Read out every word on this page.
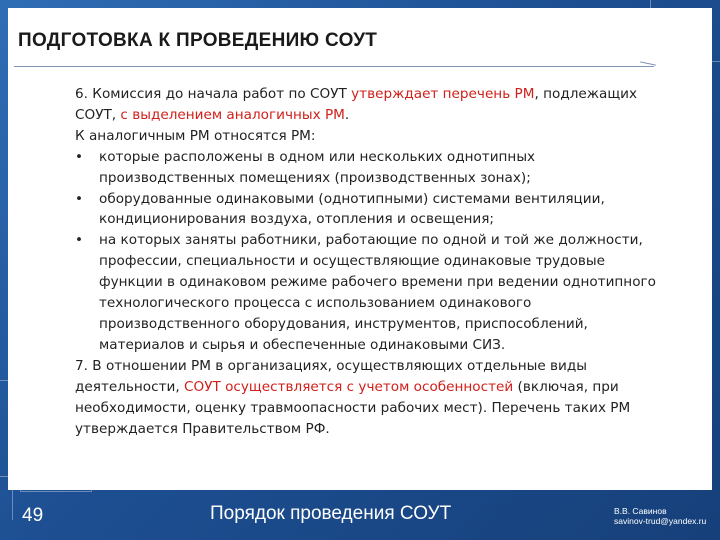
ПОДГОТОВКА К ПРОВЕДЕНИЮ СОУТ
6. Комиссия до начала работ по СОУТ утверждает перечень РМ, подлежащих
СОУТ, с выделением аналогичных РМ.
К аналогичным РМ относятся РМ:
• которые расположены в одном или нескольких однотипных
производственных помещениях (производственных зонах);
• оборудованные одинаковыми (однотипными) системами вентиляции,
кондиционирования воздуха, отопления и освещения;
• на которых заняты работники, работающие по одной и той же должности,
профессии, специальности и осуществляющие одинаковые трудовые
функции в одинаковом режиме рабочего времени при ведении однотипного
технологического процесса с использованием одинакового
производственного оборудования, инструментов, приспособлений,
материалов и сырья и обеспеченные одинаковыми СИЗ.
7. В отношении РМ в организациях, осуществляющих отдельные виды
деятельности, СОУТ осуществляется с учетом особенностей (включая, при
необходимости, оценку травмоопасности рабочих мест). Перечень таких РМ
утверждается Правительством РФ.
49	Порядок проведения СОУТ	В.В. Савинов
savinov-trud@yandex.ru
